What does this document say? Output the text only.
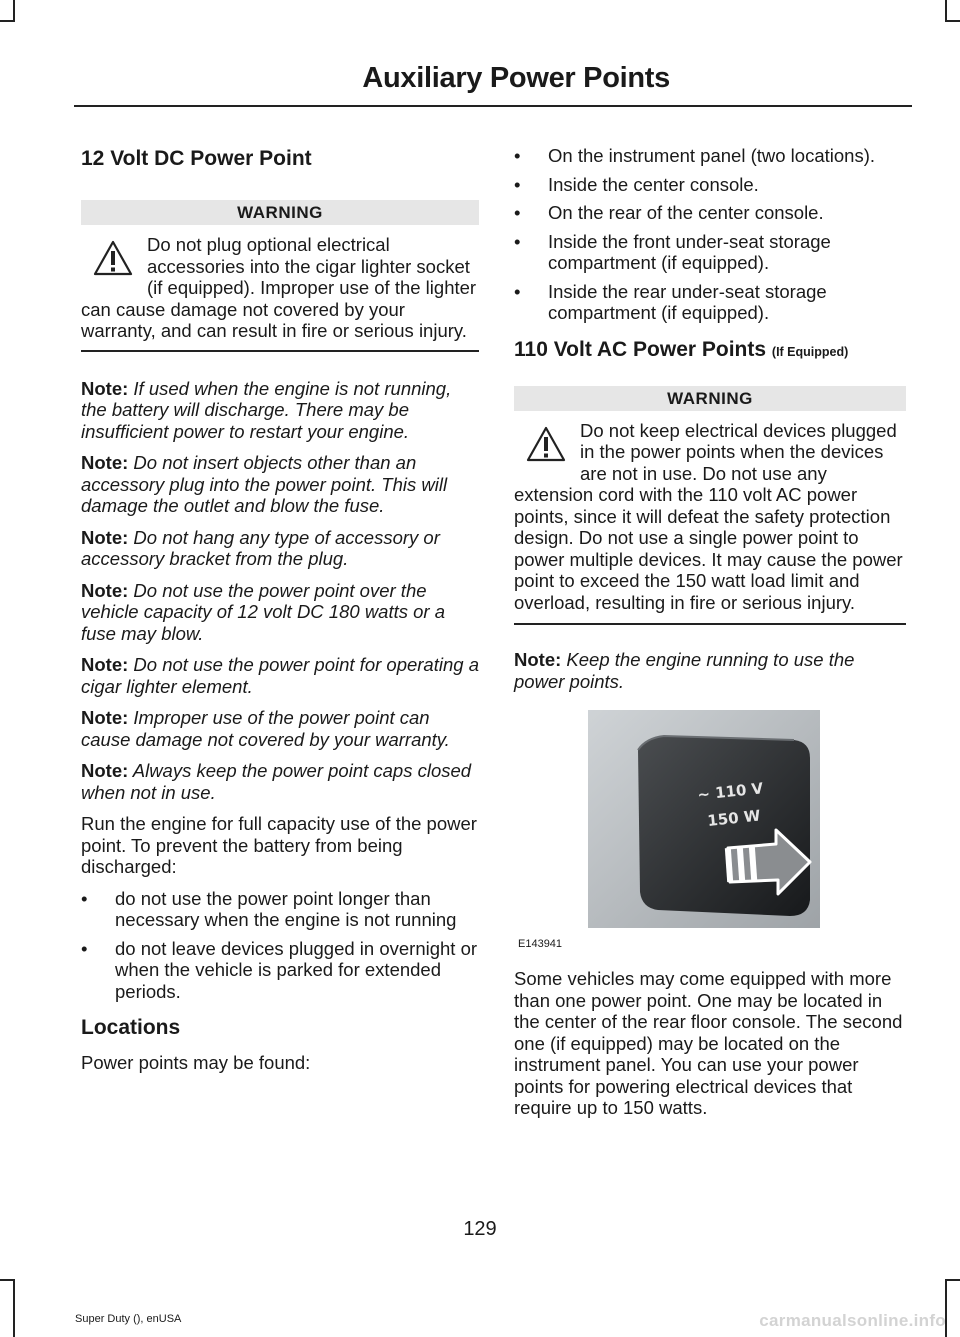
Auxiliary Power Points
12 Volt DC Power Point
WARNING
Do not plug optional electrical accessories into the cigar lighter socket (if equipped). Improper use of the lighter can cause damage not covered by your warranty, and can result in fire or serious injury.

Note: If used when the engine is not running, the battery will discharge. There may be insufficient power to restart your engine.

Note: Do not insert objects other than an accessory plug into the power point. This will damage the outlet and blow the fuse.

Note: Do not hang any type of accessory or accessory bracket from the plug.

Note: Do not use the power point over the vehicle capacity of 12 volt DC 180 watts or a fuse may blow.

Note: Do not use the power point for operating a cigar lighter element.

Note: Improper use of the power point can cause damage not covered by your warranty.

Note: Always keep the power point caps closed when not in use.

Run the engine for full capacity use of the power point. To prevent the battery from being discharged:

• do not use the power point longer than necessary when the engine is not running
• do not leave devices plugged in overnight or when the vehicle is parked for extended periods.
Locations

Power points may be found:

• On the instrument panel (two locations).
• Inside the center console.
• On the rear of the center console.
• Inside the front under-seat storage compartment (if equipped).
• Inside the rear under-seat storage compartment (if equipped).
110 Volt AC Power Points (If Equipped)
WARNING
Do not keep electrical devices plugged in the power points when the devices are not in use. Do not use any extension cord with the 110 volt AC power points, since it will defeat the safety protection design. Do not use a single power point to power multiple devices. It may cause the power point to exceed the 150 watt load limit and overload, resulting in fire or serious injury.

Note: Keep the engine running to use the power points.

~ 110 V
150 W
E143941

Some vehicles may come equipped with more than one power point. One may be located in the center of the rear floor console. The second one (if equipped) may be located on the instrument panel. You can use your power points for powering electrical devices that require up to 150 watts.

129
Super Duty (), enUSA	carmanualsonline.info
